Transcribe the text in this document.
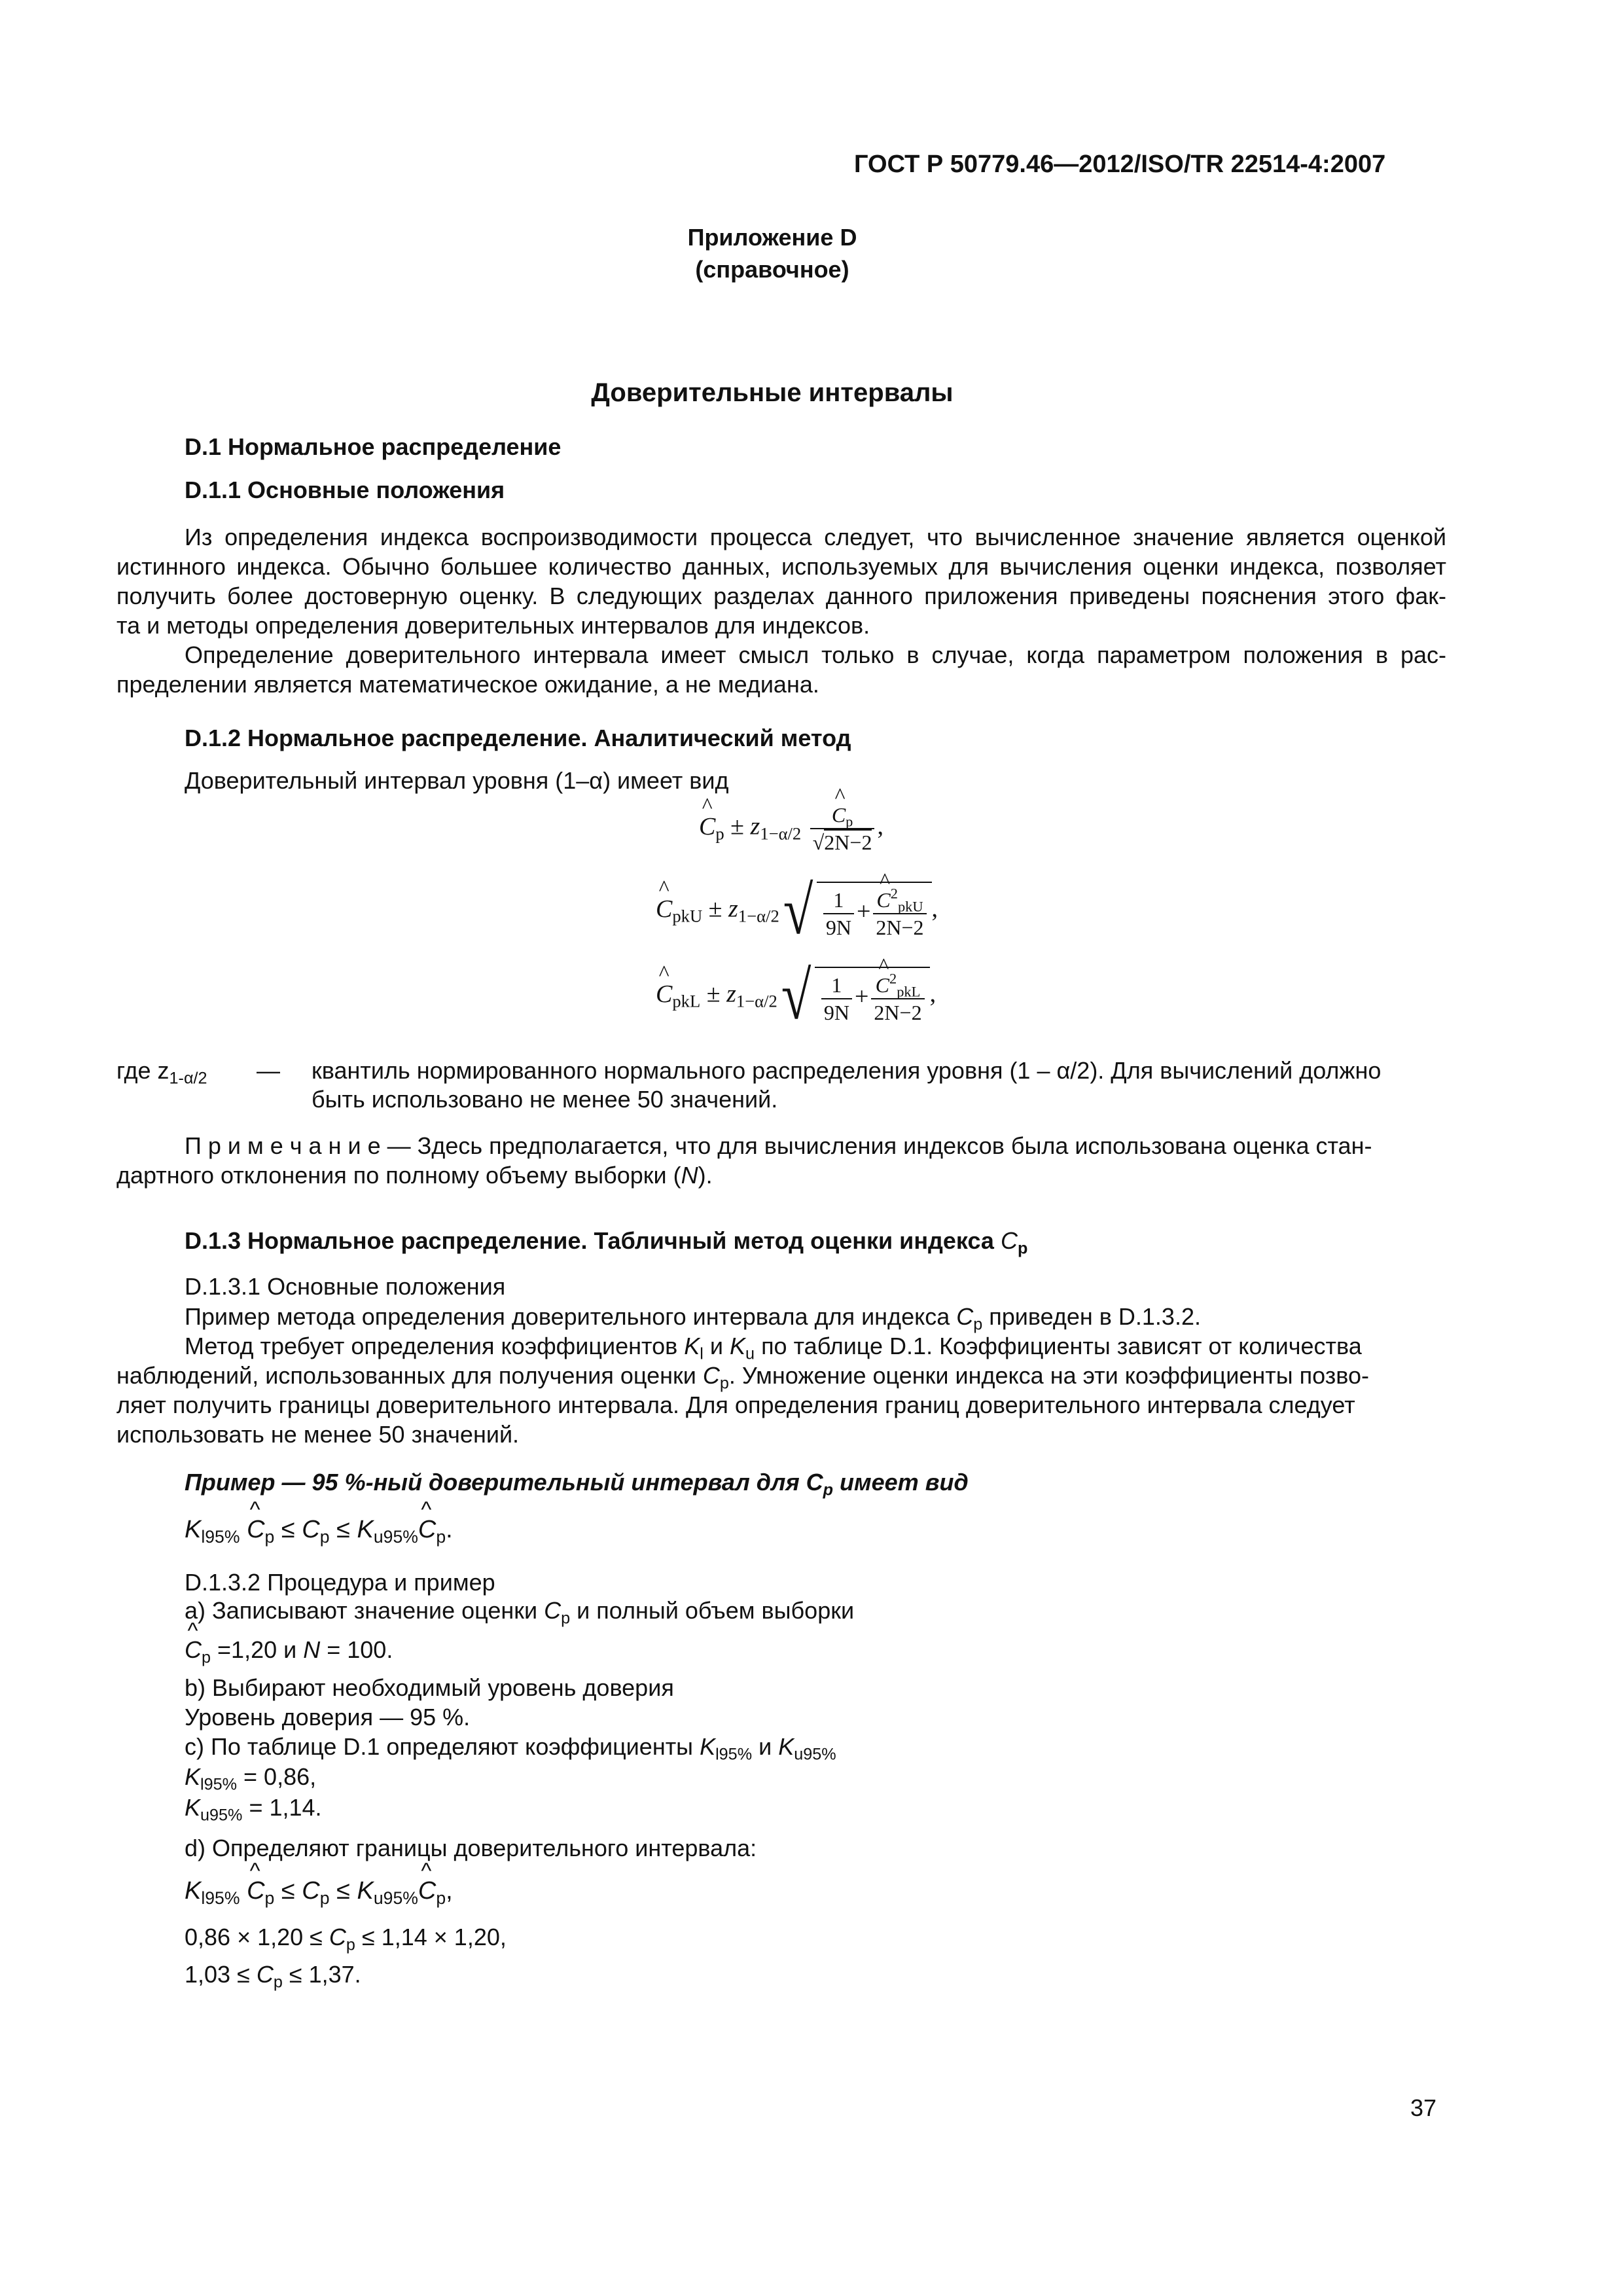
ГОСТ Р 50779.46—2012/ISO/TR 22514-4:2007

Приложение D

(справочное)

Доверительные интервалы

D.1 Нормальное распределение

D.1.1 Основные положения

Из определения индекса воспроизводимости процесса следует, что вычисленное значение является оценкой
истинного индекса. Обычно большее количество данных, используемых для вычисления оценки индекса, позволяет
получить более достоверную оценку. В следующих разделах данного приложения приведены пояснения этого фак-
та и методы определения доверительных интервалов для индексов.
Определение доверительного интервала имеет смысл только в случае, когда параметром положения в рас-
пределении является математическое ожидание, а не медиана.

D.1.2 Нормальное распределение. Аналитический метод

Доверительный интервал уровня (1–α) имеет вид

^ $C_p \pm z_{1-\alpha/2}$ ^ $\frac{C_p}{√2N-2}$ ,
^ $C_{pkU} \pm z_{1-\alpha/2}√ \frac{1}{9N}$ + ^ $\frac{C^2_{pkU}}{2N-2}$ ,
^ $C_{pkL} \pm z_{1-\alpha/2}√ \frac{1}{9N}$ + ^ $\frac{C^2_{pkL}}{2N-2}$ ,

где $z_{1-\alpha/2}$ — квантиль нормированного нормального распределения уровня (1 – α/2). Для вычислений должно

быть использовано не менее 50 значений.

П р и м е ч а н и е — Здесь предполагается, что для вычисления индексов была использована оценка стан-

дартного отклонения по полному объему выборки (N).

D.1.3 Нормальное распределение. Табличный метод оценки индекса $C_p$

D.1.3.1 Основные положения

Пример метода определения доверительного интервала для индекса $C_p$ приведен в D.1.3.2.

Метод требует определения коэффициентов $K_l$ и $K_u$ по таблице D.1. Коэффициенты зависят от количества

наблюдений, использованных для получения оценки $C_p$. Умножение оценки индекса на эти коэффициенты позво-

ляет получить границы доверительного интервала. Для определения границ доверительного интервала следует

использовать не менее 50 значений.

Пример — 95 %-ный доверительный интервал для $C_p$ имеет вид

$K_{l95\%}$ ^ $C_p \le C_p$ ≤ $K_{u95\%}\^{}$ $C_p$.

D.1.3.2 Процедура и пример

a) Записывают значение оценки $C_p$ и полный объем выборки

^ $C_p =1,20$ и N = 100.

b) Выбирают необходимый уровень доверия

Уровень доверия — 95 %.

c) По таблице D.1 определяют коэффициенты $K_{l95\%}$ и $K_{u95\%}$

$K_{l95\%} = 0,86$,

$K_{u95\%} = 1,14$.

d) Определяют границы доверительного интервала:

$K_{l95\%}$ ^ $C_p \le C_p$ ≤ $K_{u95\%}\^{}$ $C_p$,

$0,86 \times 1,20 \le C_p \le 1,14 \times 1,20$,

$1,03 \le C_p \le 1,37$.

37
